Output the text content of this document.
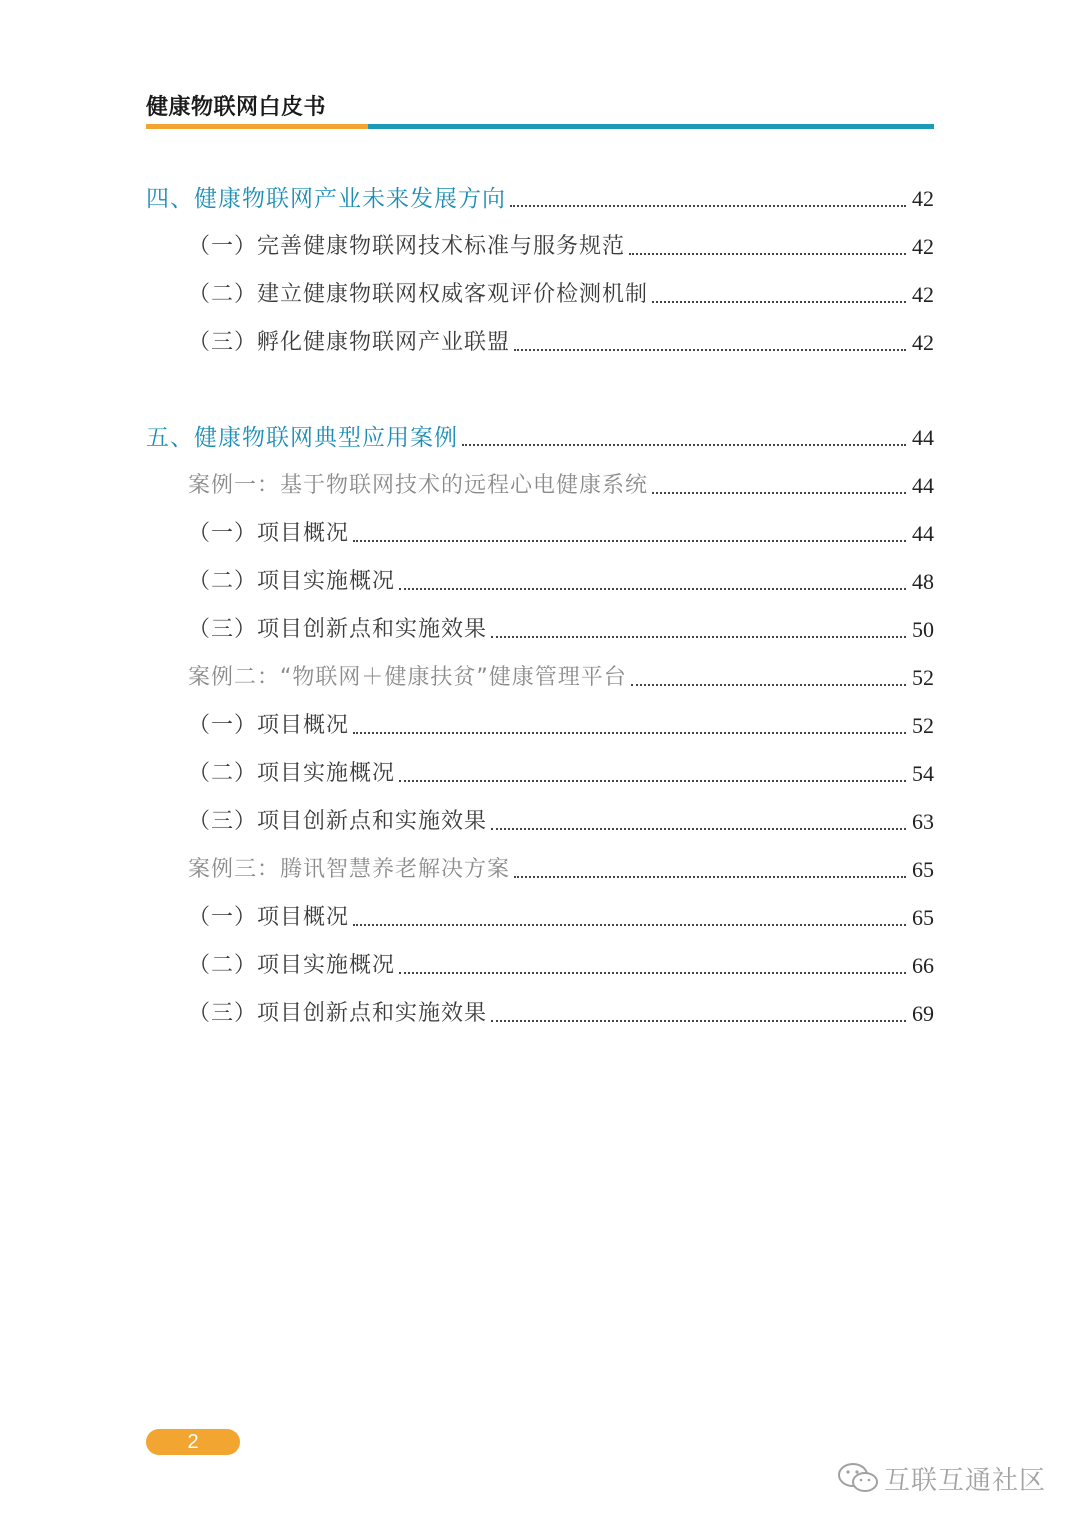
健康物联网白皮书
四、健康物联网产业未来发展方向	42
（一）完善健康物联网技术标准与服务规范	42
（二）建立健康物联网权威客观评价检测机制	42
（三）孵化健康物联网产业联盟	42
五、健康物联网典型应用案例	44
案例一：基于物联网技术的远程心电健康系统	44
（一）项目概况	44
（二）项目实施概况	48
（三）项目创新点和实施效果	50
案例二：“物联网＋健康扶贫”健康管理平台	52
（一）项目概况	52
（二）项目实施概况	54
（三）项目创新点和实施效果	63
案例三：腾讯智慧养老解决方案	65
（一）项目概况	65
（二）项目实施概况	66
（三）项目创新点和实施效果	69
2
互联互通社区
